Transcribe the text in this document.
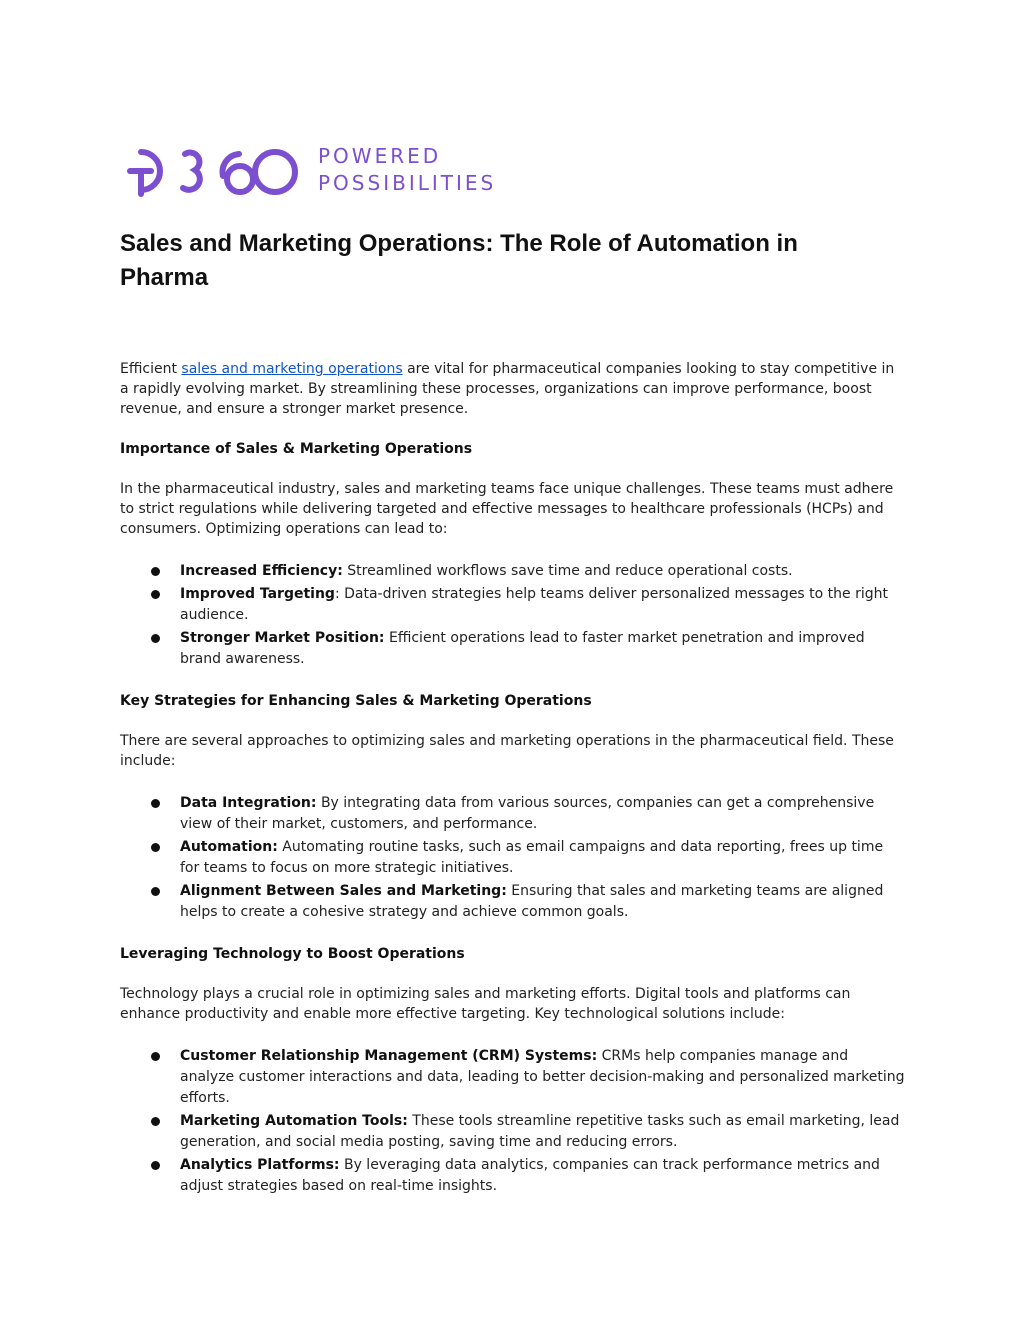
POWERED
POSSIBILITIES
Sales and Marketing Operations: The Role of Automation in Pharma

Efficient sales and marketing operations are vital for pharmaceutical companies looking to stay competitive in a rapidly evolving market. By streamlining these processes, organizations can improve performance, boost revenue, and ensure a stronger market presence.

Importance of Sales & Marketing Operations

In the pharmaceutical industry, sales and marketing teams face unique challenges. These teams must adhere to strict regulations while delivering targeted and effective messages to healthcare professionals (HCPs) and consumers. Optimizing operations can lead to:

Increased Efficiency: Streamlined workflows save time and reduce operational costs.
Improved Targeting: Data-driven strategies help teams deliver personalized messages to the right audience.
Stronger Market Position: Efficient operations lead to faster market penetration and improved brand awareness.

Key Strategies for Enhancing Sales & Marketing Operations

There are several approaches to optimizing sales and marketing operations in the pharmaceutical field. These include:

Data Integration: By integrating data from various sources, companies can get a comprehensive view of their market, customers, and performance.
Automation: Automating routine tasks, such as email campaigns and data reporting, frees up time for teams to focus on more strategic initiatives.
Alignment Between Sales and Marketing: Ensuring that sales and marketing teams are aligned helps to create a cohesive strategy and achieve common goals.

Leveraging Technology to Boost Operations

Technology plays a crucial role in optimizing sales and marketing efforts. Digital tools and platforms can enhance productivity and enable more effective targeting. Key technological solutions include:

Customer Relationship Management (CRM) Systems: CRMs help companies manage and analyze customer interactions and data, leading to better decision-making and personalized marketing efforts.
Marketing Automation Tools: These tools streamline repetitive tasks such as email marketing, lead generation, and social media posting, saving time and reducing errors.
Analytics Platforms: By leveraging data analytics, companies can track performance metrics and adjust strategies based on real-time insights.
